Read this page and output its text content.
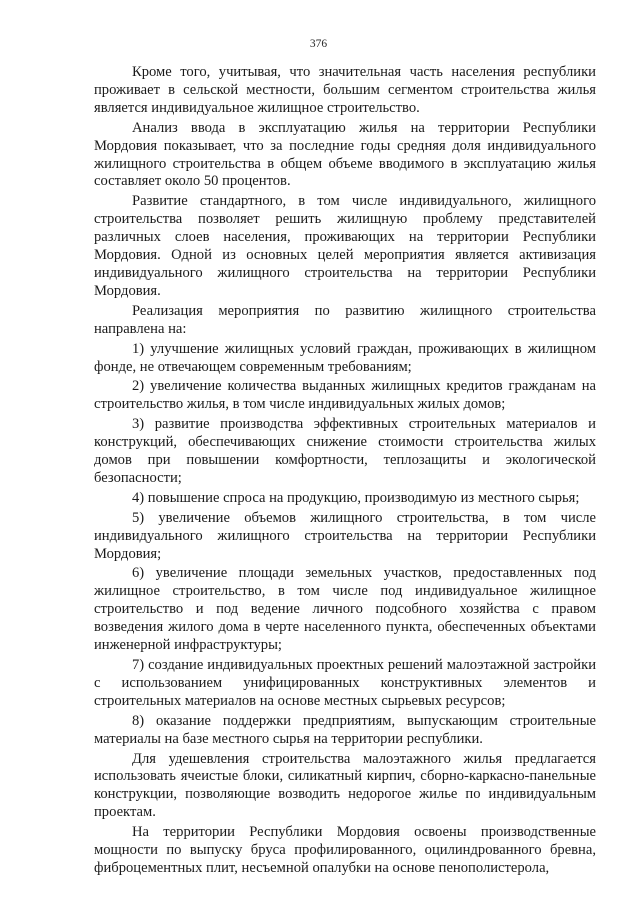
376

Кроме того, учитывая, что значительная часть населения республики проживает в сельской местности, большим сегментом строительства жилья является индивидуальное жилищное строительство.

Анализ ввода в эксплуатацию жилья на территории Республики Мордовия показывает, что за последние годы средняя доля индивидуального жилищного строительства в общем объеме вводимого в эксплуатацию жилья составляет около 50 процентов.

Развитие стандартного, в том числе индивидуального, жилищного строительства позволяет решить жилищную проблему представителей различных слоев населения, проживающих на территории Республики Мордовия. Одной из основных целей мероприятия является активизация индивидуального жилищного строительства на территории Республики Мордовия.

Реализация мероприятия по развитию жилищного строительства направлена на:

1) улучшение жилищных условий граждан, проживающих в жилищном фонде, не отвечающем современным требованиям;

2) увеличение количества выданных жилищных кредитов гражданам на строительство жилья, в том числе индивидуальных жилых домов;

3) развитие производства эффективных строительных материалов и конструкций, обеспечивающих снижение стоимости строительства жилых домов при повышении комфортности, теплозащиты и экологической безопасности;

4) повышение спроса на продукцию, производимую из местного сырья;

5) увеличение объемов жилищного строительства, в том числе индивидуального жилищного строительства на территории Республики Мордовия;

6) увеличение площади земельных участков, предоставленных под жилищное строительство, в том числе под индивидуальное жилищное строительство и под ведение личного подсобного хозяйства с правом возведения жилого дома в черте населенного пункта, обеспеченных объектами инженерной инфраструктуры;

7) создание индивидуальных проектных решений малоэтажной застройки с использованием унифицированных конструктивных элементов и строительных материалов на основе местных сырьевых ресурсов;

8) оказание поддержки предприятиям, выпускающим строительные материалы на базе местного сырья на территории республики.

Для удешевления строительства малоэтажного жилья предлагается использовать ячеистые блоки, силикатный кирпич, сборно-каркасно-панельные конструкции, позволяющие возводить недорогое жилье по индивидуальным проектам.

На территории Республики Мордовия освоены производственные мощности по выпуску бруса профилированного, оцилиндрованного бревна, фиброцементных плит, несъемной опалубки на основе пенополистерола,
